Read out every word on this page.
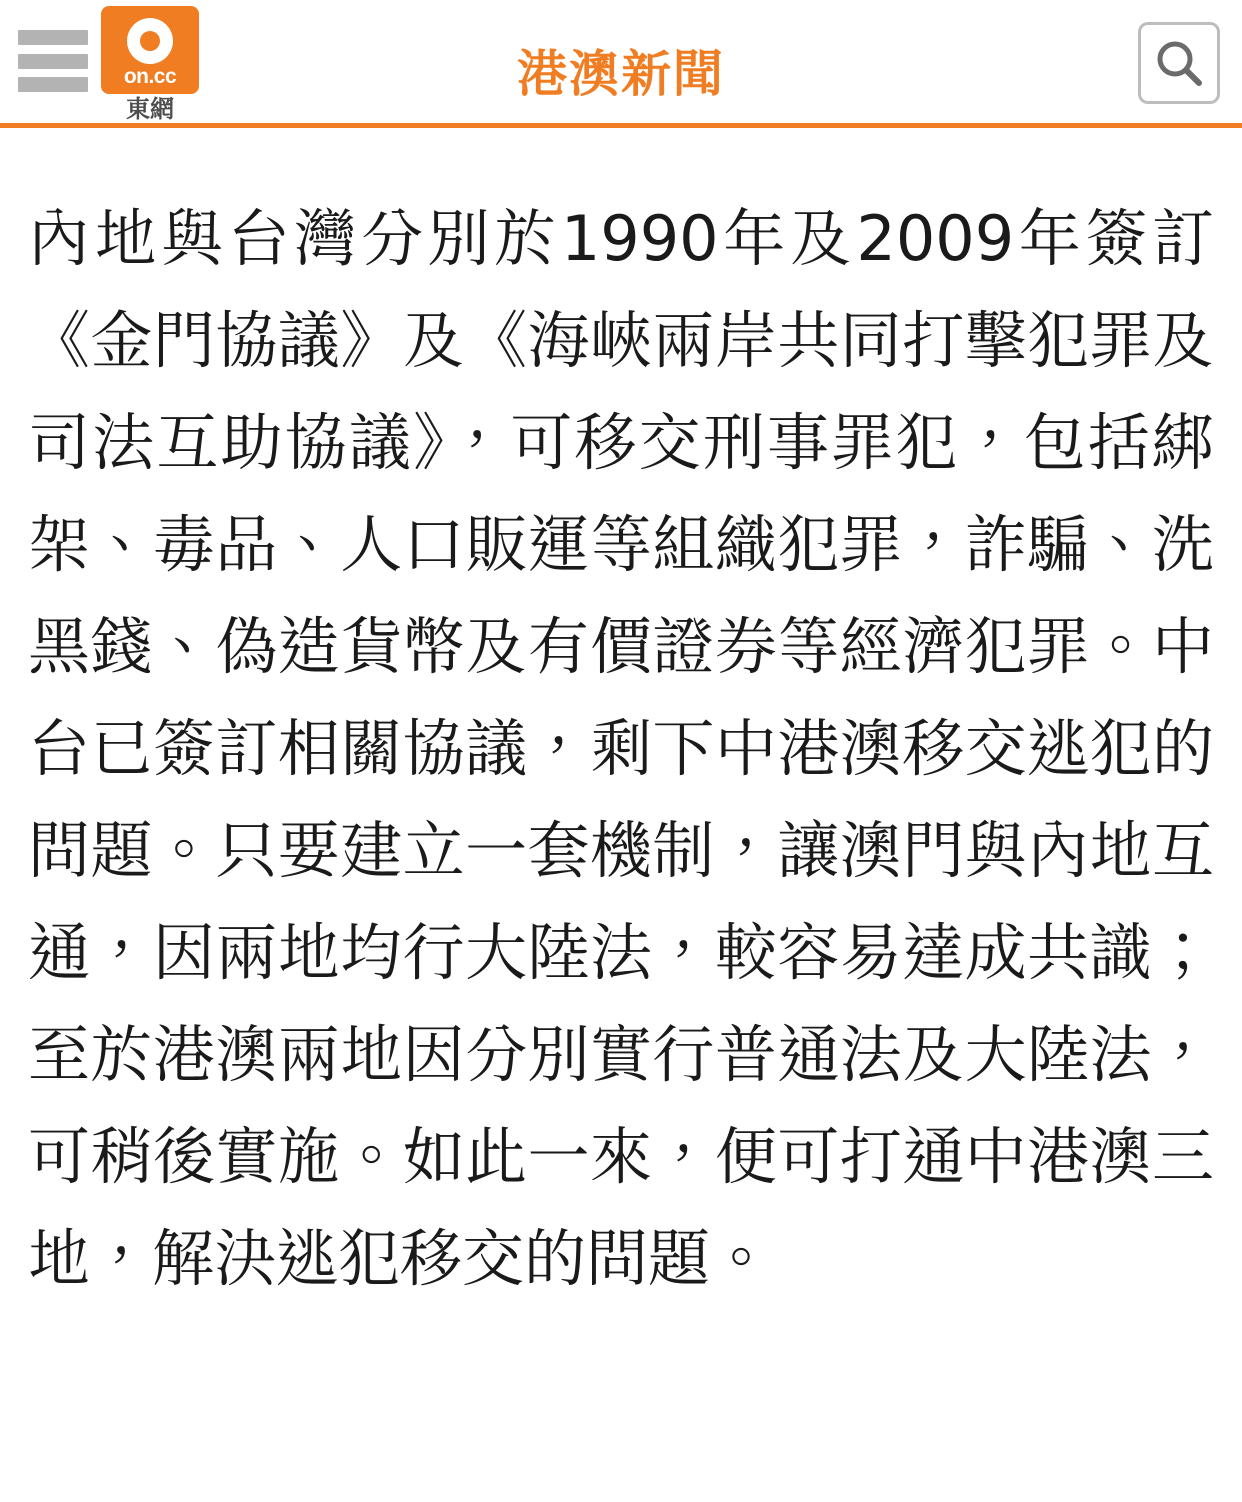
on.cc
東網
港澳新聞

內地與台灣分別於1990年及2009年簽訂《金門協議》及《海峽兩岸共同打擊犯罪及司法互助協議》，可移交刑事罪犯，包括綁架、毒品、人口販運等組織犯罪，詐騙、洗黑錢、偽造貨幣及有價證券等經濟犯罪。中台已簽訂相關協議，剩下中港澳移交逃犯的問題。只要建立一套機制，讓澳門與內地互通，因兩地均行大陸法，較容易達成共識；至於港澳兩地因分別實行普通法及大陸法，可稍後實施。如此一來，便可打通中港澳三地，解決逃犯移交的問題。
